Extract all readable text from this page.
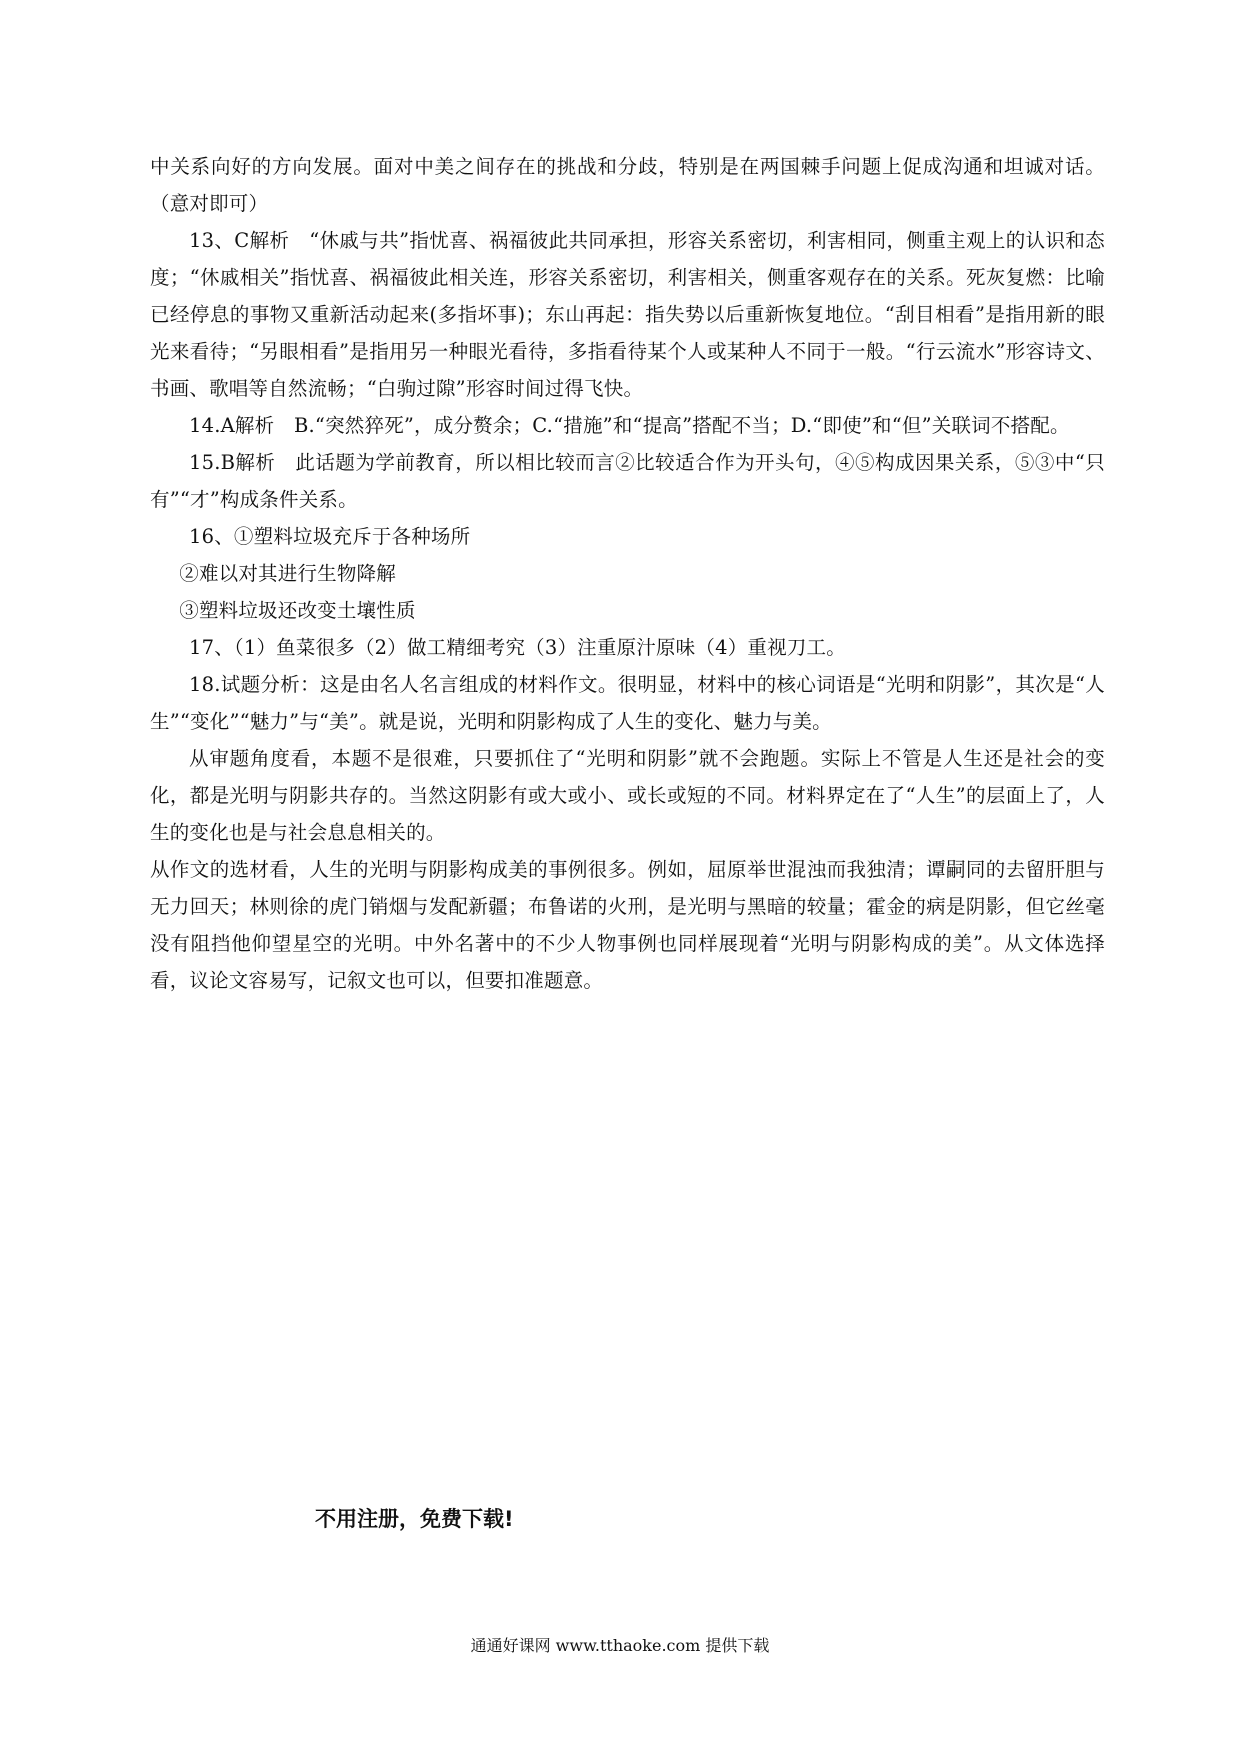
中关系向好的方向发展。面对中美之间存在的挑战和分歧，特别是在两国棘手问题上促成沟通和坦诚对话。（意对即可）

13、C解析　“休戚与共”指忧喜、祸福彼此共同承担，形容关系密切，利害相同，侧重主观上的认识和态度；“休戚相关”指忧喜、祸福彼此相关连，形容关系密切，利害相关，侧重客观存在的关系。死灰复燃：比喻已经停息的事物又重新活动起来(多指坏事)；东山再起：指失势以后重新恢复地位。“刮目相看”是指用新的眼光来看待；“另眼相看”是指用另一种眼光看待，多指看待某个人或某种人不同于一般。“行云流水”形容诗文、书画、歌唱等自然流畅；“白驹过隙”形容时间过得飞快。

14.A解析　B.“突然猝死”，成分赘余；C.“措施”和“提高”搭配不当；D.“即使”和“但”关联词不搭配。

15.B解析　此话题为学前教育，所以相比较而言②比较适合作为开头句，④⑤构成因果关系，⑤③中“只有”“才”构成条件关系。

16、①塑料垃圾充斥于各种场所

②难以对其进行生物降解

③塑料垃圾还改变土壤性质

17、（1）鱼菜很多（2）做工精细考究（3）注重原汁原味（4）重视刀工。

18.试题分析：这是由名人名言组成的材料作文。很明显，材料中的核心词语是“光明和阴影”，其次是“人生”“变化”“魅力”与“美”。就是说，光明和阴影构成了人生的变化、魅力与美。

从审题角度看，本题不是很难，只要抓住了“光明和阴影”就不会跑题。实际上不管是人生还是社会的变化，都是光明与阴影共存的。当然这阴影有或大或小、或长或短的不同。材料界定在了“人生”的层面上了，人生的变化也是与社会息息相关的。

从作文的选材看，人生的光明与阴影构成美的事例很多。例如，屈原举世混浊而我独清；谭嗣同的去留肝胆与无力回天；林则徐的虎门销烟与发配新疆；布鲁诺的火刑，是光明与黑暗的较量；霍金的病是阴影，但它丝毫没有阻挡他仰望星空的光明。中外名著中的不少人物事例也同样展现着“光明与阴影构成的美”。从文体选择看，议论文容易写，记叙文也可以，但要扣准题意。

不用注册，免费下载!
通通好课网 www.tthaoke.com 提供下载
